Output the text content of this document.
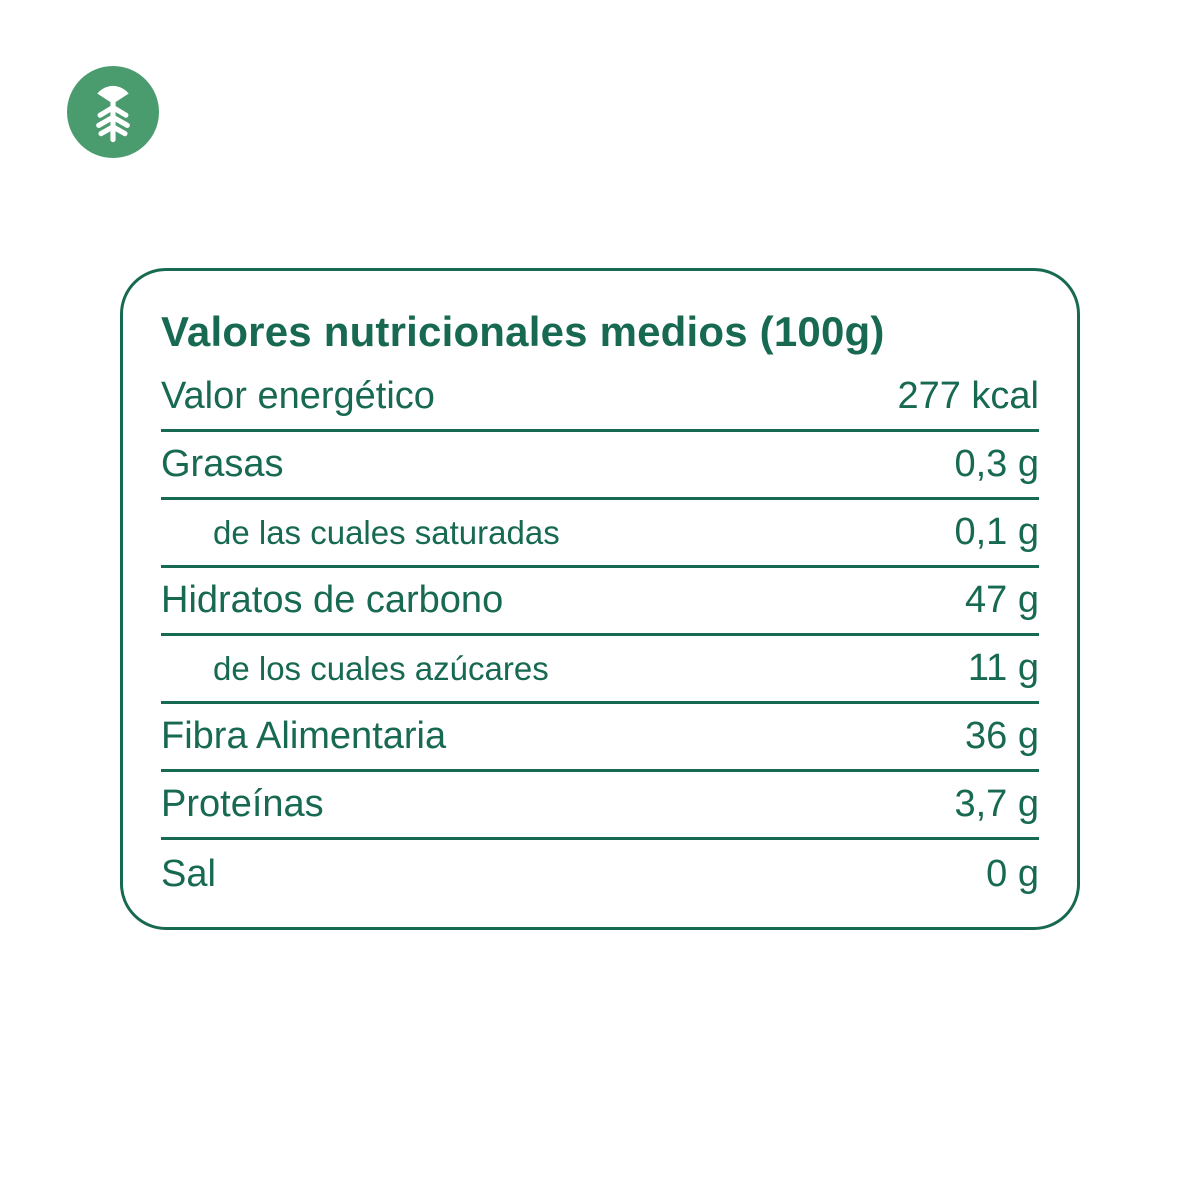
Valores nutricionales medios (100g)
Valor energético	277 kcal
Grasas	0,3 g
de las cuales saturadas	0,1 g
Hidratos de carbono	47 g
de los cuales azúcares	11 g
Fibra Alimentaria	36 g
Proteínas	3,7 g
Sal	0 g
